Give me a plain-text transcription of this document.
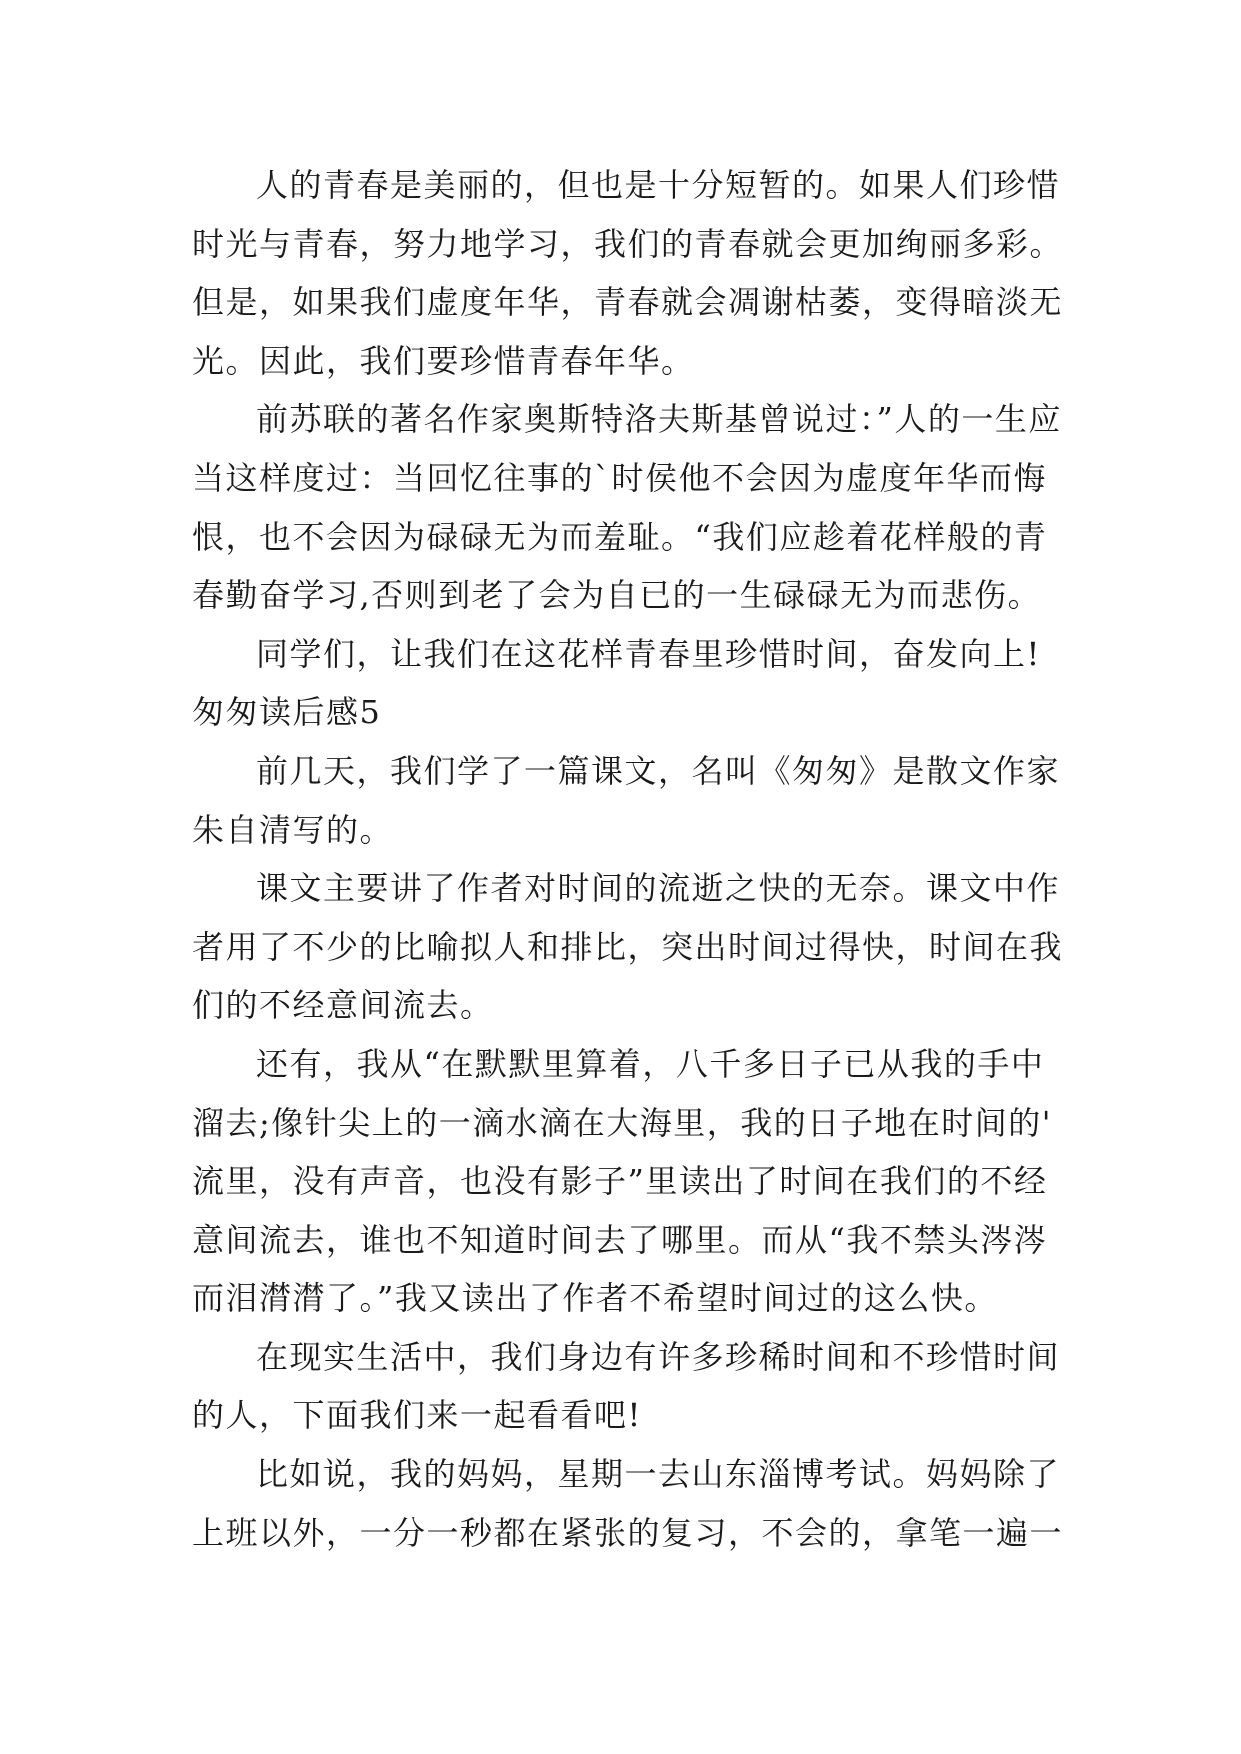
人的青春是美丽的，但也是十分短暂的。如果人们珍惜时光与青春，努力地学习，我们的青春就会更加绚丽多彩。但是，如果我们虚度年华，青春就会凋谢枯萎，变得暗淡无光。因此，我们要珍惜青春年华。

前苏联的著名作家奥斯特洛夫斯基曾说过：”人的一生应当这样度过：当回忆往事的`时侯他不会因为虚度年华而悔恨，也不会因为碌碌无为而羞耻。“我们应趁着花样般的青春勤奋学习,否则到老了会为自已的一生碌碌无为而悲伤。

同学们，让我们在这花样青春里珍惜时间，奋发向上!

匆匆读后感5

前几天，我们学了一篇课文，名叫《匆匆》是散文作家朱自清写的。

课文主要讲了作者对时间的流逝之快的无奈。课文中作者用了不少的比喻拟人和排比，突出时间过得快，时间在我们的不经意间流去。

还有，我从“在默默里算着，八千多日子已从我的手中溜去;像针尖上的一滴水滴在大海里，我的日子地在时间的'流里，没有声音，也没有影子”里读出了时间在我们的不经意间流去，谁也不知道时间去了哪里。而从“我不禁头涔涔而泪潸潸了。”我又读出了作者不希望时间过的这么快。

在现实生活中，我们身边有许多珍稀时间和不珍惜时间的人，下面我们来一起看看吧!

比如说，我的妈妈，星期一去山东淄博考试。妈妈除了上班以外，一分一秒都在紧张的复习，不会的，拿笔一遍一
